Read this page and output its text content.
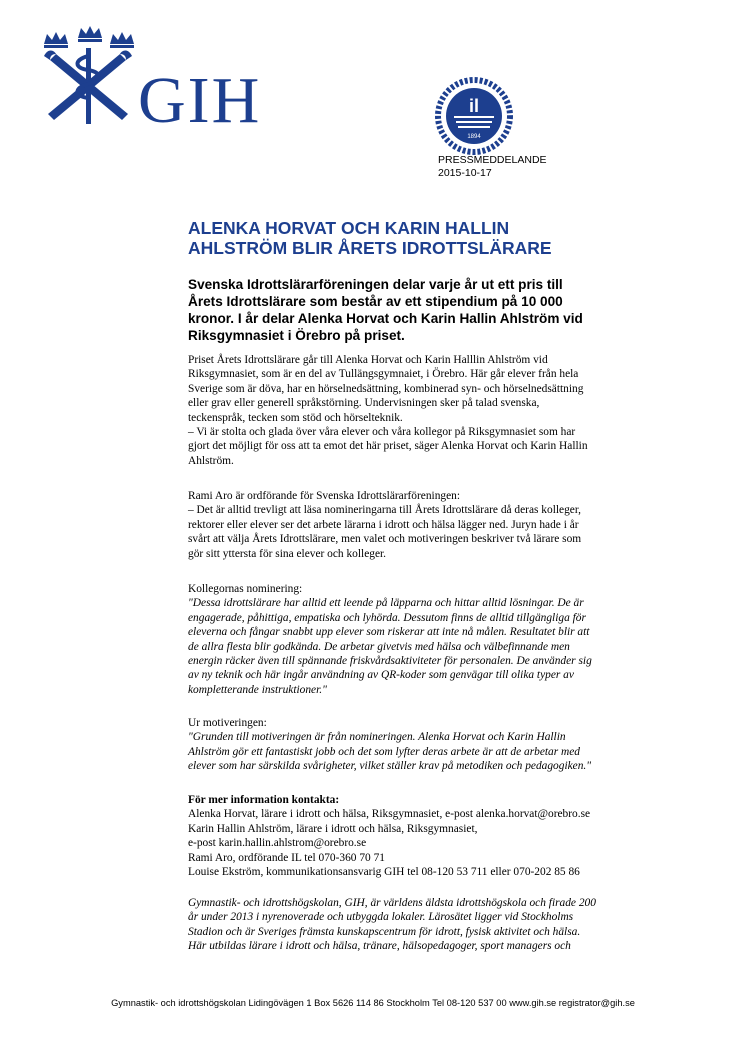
GIH	il
1894
PRESSMEDDELANDE
2015-10-17
ALENKA HORVAT OCH KARIN HALLIN
AHLSTRÖM BLIR ÅRETS IDROTTSLÄRARE
Svenska Idrottslärarföreningen delar varje år ut ett pris till
Årets Idrottslärare som består av ett stipendium på 10 000
kronor. I år delar Alenka Horvat och Karin Hallin Ahlström vid
Riksgymnasiet i Örebro på priset.
Priset Årets Idrottslärare går till Alenka Horvat och Karin Halllin Ahlström vid
Riksgymnasiet, som är en del av Tullängsgymnaiet, i Örebro. Här går elever från hela
Sverige som är döva, har en hörselnedsättning, kombinerad syn- och hörselnedsättning
eller grav eller generell språkstörning. Undervisningen sker på talad svenska,
teckenspråk, tecken som stöd och hörselteknik.
– Vi är stolta och glada över våra elever och våra kollegor på Riksgymnasiet som har
gjort det möjligt för oss att ta emot det här priset, säger Alenka Horvat och Karin Hallin
Ahlström.
Rami Aro är ordförande för Svenska Idrottslärarföreningen:
– Det är alltid trevligt att läsa nomineringarna till Årets Idrottslärare då deras kolleger,
rektorer eller elever ser det arbete lärarna i idrott och hälsa lägger ned. Juryn hade i år
svårt att välja Årets Idrottslärare, men valet och motiveringen beskriver två lärare som
gör sitt yttersta för sina elever och kolleger.
Kollegornas nominering:
"Dessa idrottslärare har alltid ett leende på läpparna och hittar alltid lösningar. De är
engagerade, påhittiga, empatiska och lyhörda. Dessutom finns de alltid tillgängliga för
eleverna och fångar snabbt upp elever som riskerar att inte nå målen. Resultatet blir att
de allra flesta blir godkända. De arbetar givetvis med hälsa och välbefinnande men
energin räcker även till spännande friskvårdsaktiviteter för personalen. De använder sig
av ny teknik och här ingår användning av QR-koder som genvägar till olika typer av
kompletterande instruktioner."
Ur motiveringen:
"Grunden till motiveringen är från nomineringen. Alenka Horvat och Karin Hallin
Ahlström gör ett fantastiskt jobb och det som lyfter deras arbete är att de arbetar med
elever som har särskilda svårigheter, vilket ställer krav på metodiken och pedagogiken."
För mer information kontakta:
Alenka Horvat, lärare i idrott och hälsa, Riksgymnasiet, e-post alenka.horvat@orebro.se
Karin Hallin Ahlström, lärare i idrott och hälsa, Riksgymnasiet,
e-post karin.hallin.ahlstrom@orebro.se
Rami Aro, ordförande IL tel 070-360 70 71
Louise Ekström, kommunikationsansvarig GIH tel 08-120 53 711 eller 070-202 85 86
Gymnastik- och idrottshögskolan, GIH, är världens äldsta idrottshögskola och firade 200
år under 2013 i nyrenoverade och utbyggda lokaler. Lärosätet ligger vid Stockholms
Stadion och är Sveriges främsta kunskapscentrum för idrott, fysisk aktivitet och hälsa.
Här utbildas lärare i idrott och hälsa, tränare, hälsopedagoger, sport managers och
Gymnastik- och idrottshögskolan Lidingövägen 1 Box 5626 114 86 Stockholm Tel 08-120 537 00 www.gih.se registrator@gih.se
